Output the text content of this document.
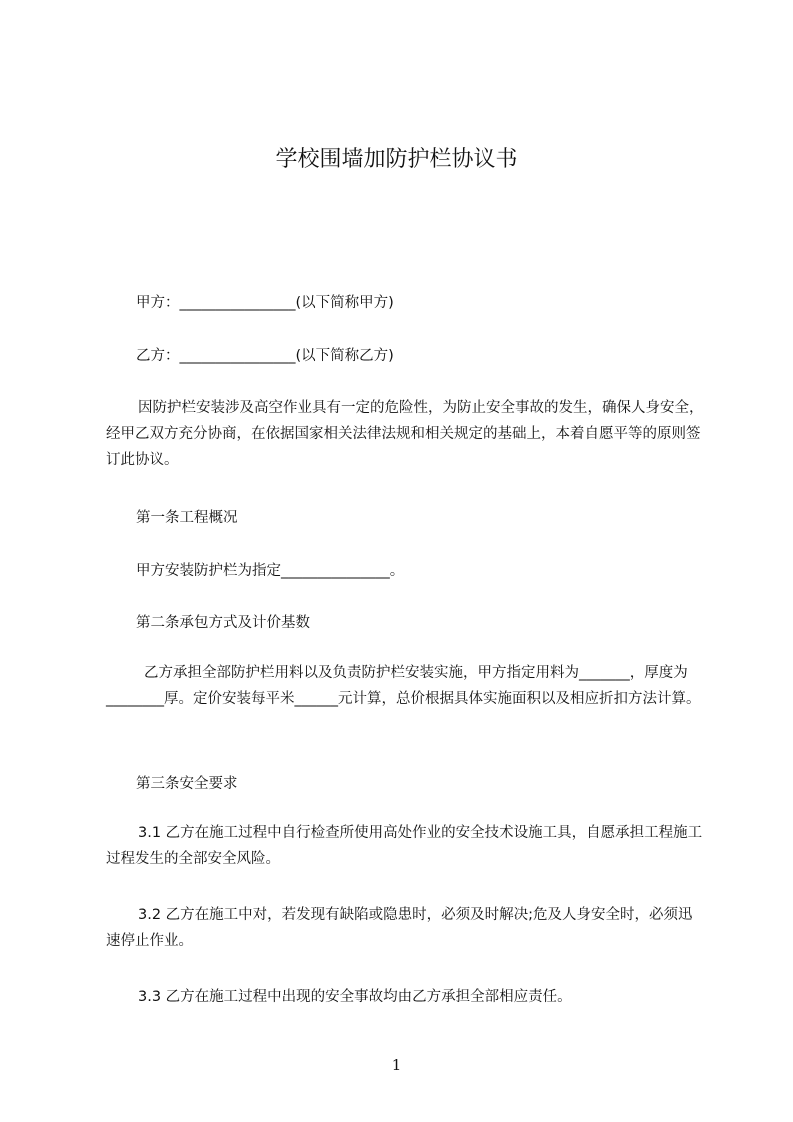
学校围墙加防护栏协议书
甲方：________________(以下简称甲方)
乙方：________________(以下简称乙方)
因防护栏安装涉及高空作业具有一定的危险性，为防止安全事故的发生，确保人身安全，经甲乙双方充分协商，在依据国家相关法律法规和相关规定的基础上，本着自愿平等的原则签订此协议。
第一条工程概况
甲方安装防护栏为指定_______________。
第二条承包方式及计价基数
乙方承担全部防护栏用料以及负责防护栏安装实施，甲方指定用料为_______，厚度为________厚。定价安装每平米______元计算，总价根据具体实施面积以及相应折扣方法计算。
第三条安全要求
3.1 乙方在施工过程中自行检查所使用高处作业的安全技术设施工具，自愿承担工程施工过程发生的全部安全风险。
3.2 乙方在施工中对，若发现有缺陷或隐患时，必须及时解决;危及人身安全时，必须迅速停止作业。
3.3 乙方在施工过程中出现的安全事故均由乙方承担全部相应责任。
1
